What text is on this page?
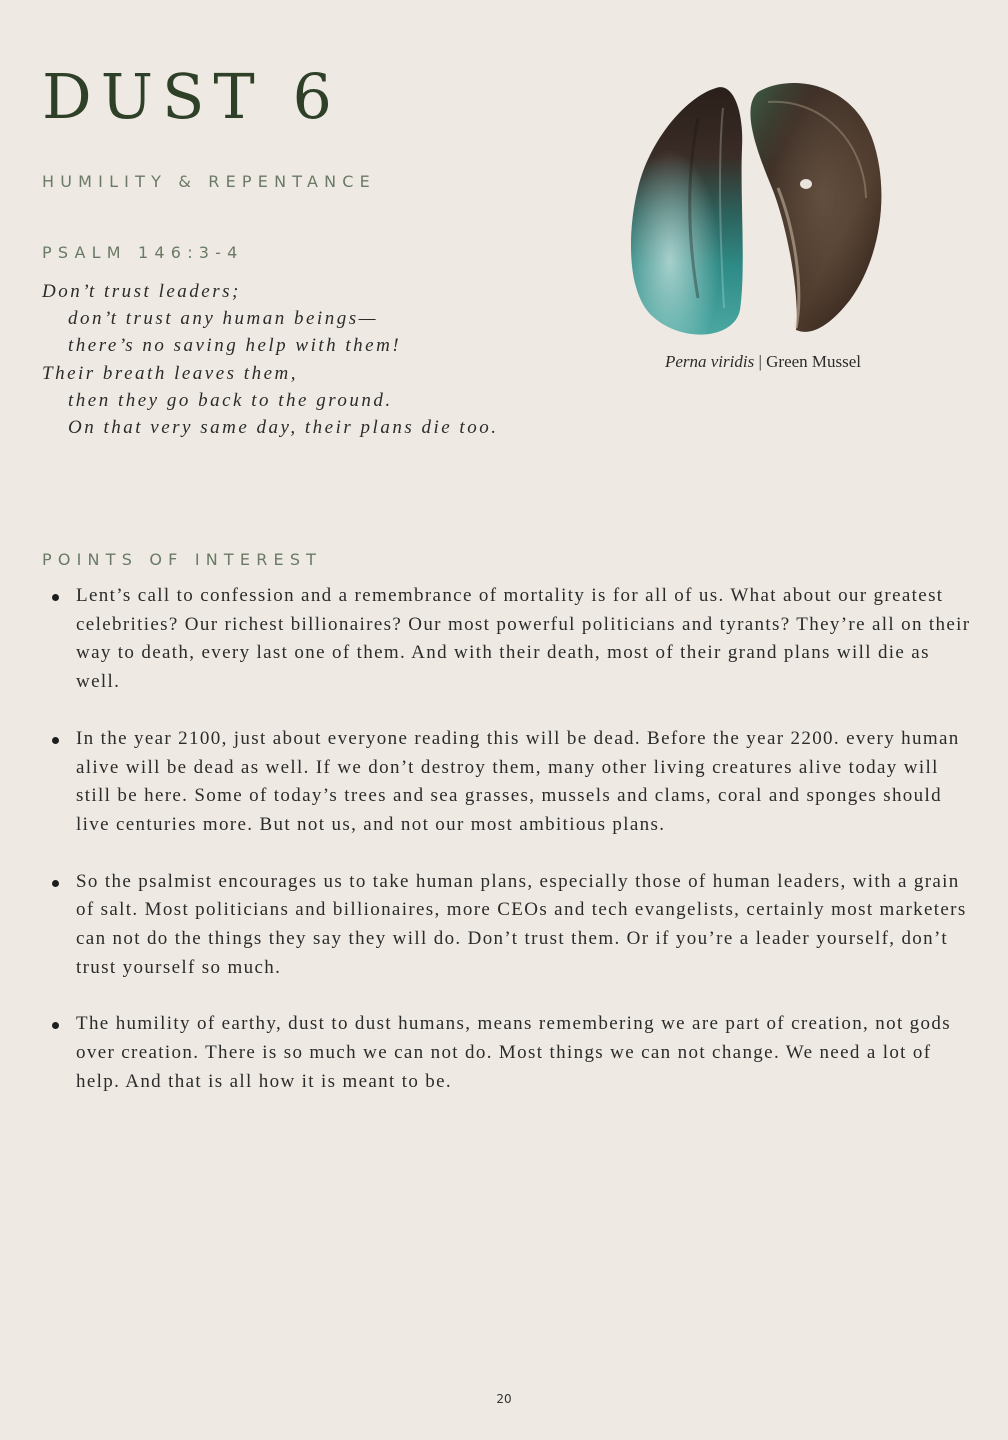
DUST 6
HUMILITY & REPENTANCE
PSALM 146:3-4
Don’t trust leaders;
don’t trust any human beings—
there’s no saving help with them!
Their breath leaves them,
then they go back to the ground.
On that very same day, their plans die too.
Perna viridis | Green Mussel
POINTS OF INTEREST
Lent’s call to confession and a remembrance of mortality is for all of us. What about our greatest celebrities? Our richest billionaires? Our most powerful politicians and tyrants? They’re all on their way to death, every last one of them. And with their death, most of their grand plans will die as well.
In the year 2100, just about everyone reading this will be dead. Before the year 2200. every human alive will be dead as well. If we don’t destroy them, many other living creatures alive today will still be here. Some of today’s trees and sea grasses, mussels and clams, coral and sponges should live centuries more. But not us, and not our most ambitious plans.
So the psalmist encourages us to take human plans, especially those of human leaders, with a grain of salt. Most politicians and billionaires, more CEOs and tech evangelists, certainly most marketers can not do the things they say they will do. Don’t trust them. Or if you’re a leader yourself, don’t trust yourself so much.
The humility of earthy, dust to dust humans, means remembering we are part of creation, not gods over creation. There is so much we can not do. Most things we can not change. We need a lot of help. And that is all how it is meant to be.
20
